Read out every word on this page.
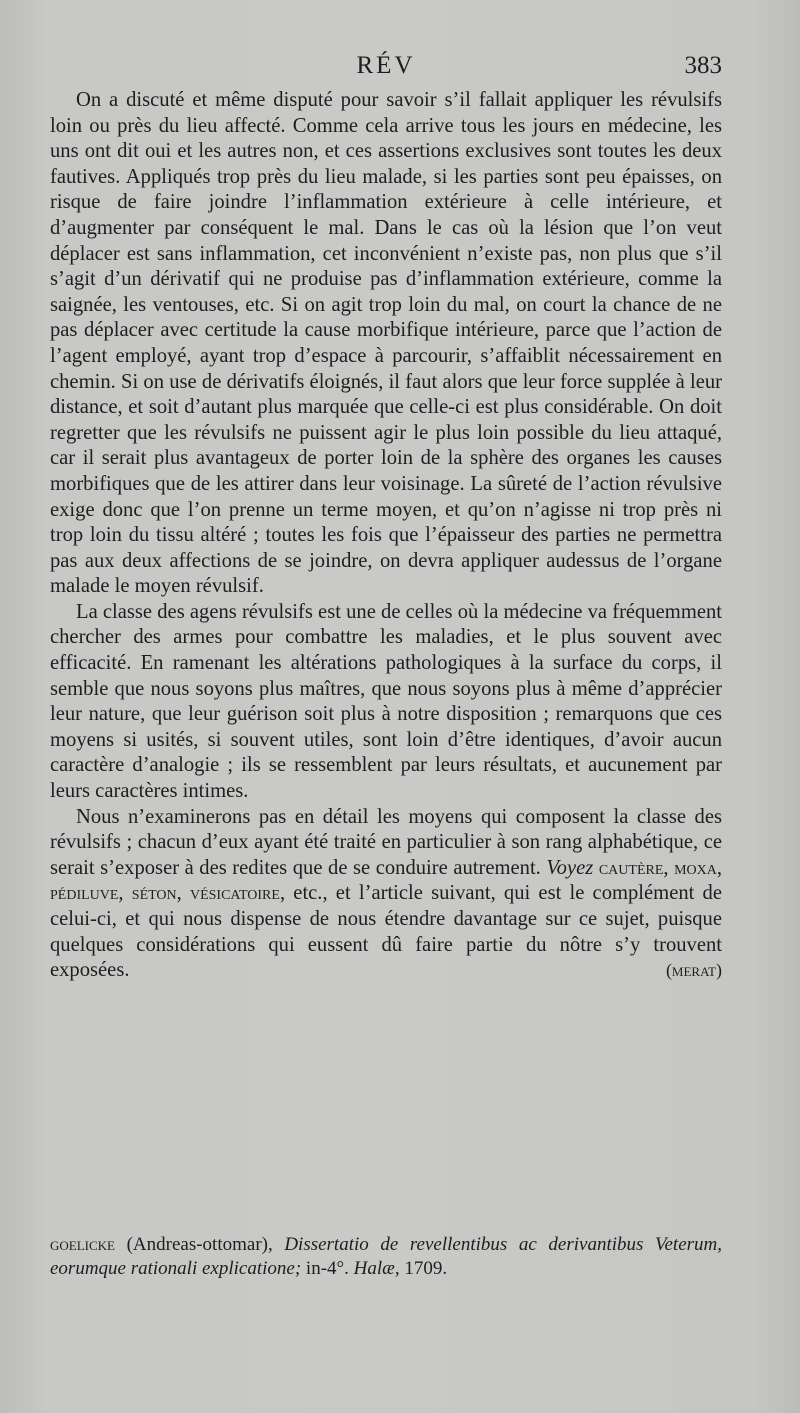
RÉV	383

On a discuté et même disputé pour savoir s’il fallait appliquer les révulsifs loin ou près du lieu affecté. Comme cela arrive tous les jours en médecine, les uns ont dit oui et les autres non, et ces assertions exclusives sont toutes les deux fautives. Appliqués trop près du lieu malade, si les parties sont peu épaisses, on risque de faire joindre l’inflammation extérieure à celle intérieure, et d’augmenter par conséquent le mal. Dans le cas où la lésion que l’on veut déplacer est sans inflammation, cet inconvénient n’existe pas, non plus que s’il s’agit d’un dérivatif qui ne produise pas d’inflammation extérieure, comme la saignée, les ventouses, etc. Si on agit trop loin du mal, on court la chance de ne pas déplacer avec certitude la cause morbifique intérieure, parce que l’action de l’agent employé, ayant trop d’espace à parcourir, s’affaiblit nécessairement en chemin. Si on use de dérivatifs éloignés, il faut alors que leur force supplée à leur distance, et soit d’autant plus marquée que celle-ci est plus considérable. On doit regretter que les révulsifs ne puissent agir le plus loin possible du lieu attaqué, car il serait plus avantageux de porter loin de la sphère des organes les causes morbifiques que de les attirer dans leur voisinage. La sûreté de l’action révulsive exige donc que l’on prenne un terme moyen, et qu’on n’agisse ni trop près ni trop loin du tissu altéré ; toutes les fois que l’épaisseur des parties ne permettra pas aux deux affections de se joindre, on devra appliquer audessus de l’organe malade le moyen révulsif.

La classe des agens révulsifs est une de celles où la médecine va fréquemment chercher des armes pour combattre les maladies, et le plus souvent avec efficacité. En ramenant les altérations pathologiques à la surface du corps, il semble que nous soyons plus maîtres, que nous soyons plus à même d’apprécier leur nature, que leur guérison soit plus à notre disposition ; remarquons que ces moyens si usités, si souvent utiles, sont loin d’être identiques, d’avoir aucun caractère d’analogie ; ils se ressemblent par leurs résultats, et aucunement par leurs caractères intimes.

Nous n’examinerons pas en détail les moyens qui composent la classe des révulsifs ; chacun d’eux ayant été traité en particulier à son rang alphabétique, ce serait s’exposer à des redites que de se conduire autrement. Voyez cautère, moxa, pédiluve, séton, vésicatoire, etc., et l’article suivant, qui est le complément de celui-ci, et qui nous dispense de nous étendre davantage sur ce sujet, puisque quelques considérations qui eussent dû faire partie du nôtre s’y trouvent exposées.	(merat)
goelicke (Andreas-ottomar), Dissertatio de revellentibus ac derivantibus Veterum, eorumque rationali explicatione; in-4°. Halæ, 1709.
